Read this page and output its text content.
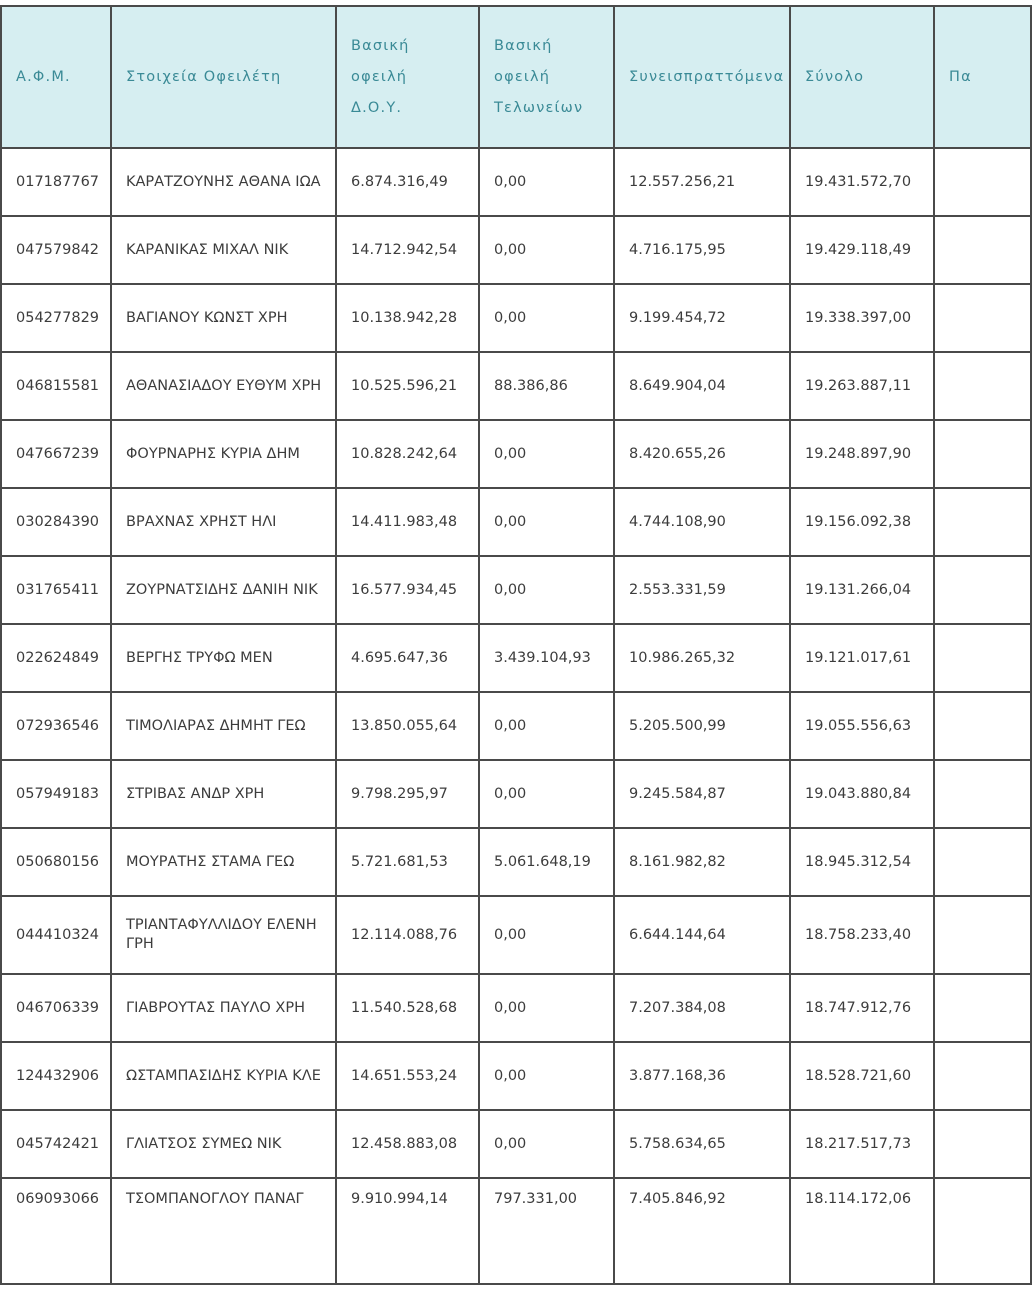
Α.Φ.Μ.	Στοιχεία Οφειλέτη	Βασική
οφειλή
Δ.Ο.Υ.	Βασική
οφειλή
Τελωνείων	Συνεισπραττόμενα	Σύνολο	Πα

017187767	ΚΑΡΑΤΖΟΥΝΗΣ ΑΘΑΝΑ ΙΩΑ	6.874.316,49	0,00	12.557.256,21	19.431.572,70	
047579842	ΚΑΡΑΝΙΚΑΣ ΜΙΧΑΛ ΝΙΚ	14.712.942,54	0,00	4.716.175,95	19.429.118,49	
054277829	ΒΑΓΙΑΝΟΥ ΚΩΝΣΤ ΧΡΗ	10.138.942,28	0,00	9.199.454,72	19.338.397,00	
046815581	ΑΘΑΝΑΣΙΑΔΟΥ ΕΥΘΥΜ ΧΡΗ	10.525.596,21	88.386,86	8.649.904,04	19.263.887,11	
047667239	ΦΟΥΡΝΑΡΗΣ ΚΥΡΙΑ ΔΗΜ	10.828.242,64	0,00	8.420.655,26	19.248.897,90	
030284390	ΒΡΑΧΝΑΣ ΧΡΗΣΤ ΗΛΙ	14.411.983,48	0,00	4.744.108,90	19.156.092,38	
031765411	ΖΟΥΡΝΑΤΣΙΔΗΣ ΔΑΝΙΗ ΝΙΚ	16.577.934,45	0,00	2.553.331,59	19.131.266,04	
022624849	ΒΕΡΓΗΣ ΤΡΥΦΩ ΜΕΝ	4.695.647,36	3.439.104,93	10.986.265,32	19.121.017,61	
072936546	ΤΙΜΟΛΙΑΡΑΣ ΔΗΜΗΤ ΓΕΩ	13.850.055,64	0,00	5.205.500,99	19.055.556,63	
057949183	ΣΤΡΙΒΑΣ ΑΝΔΡ ΧΡΗ	9.798.295,97	0,00	9.245.584,87	19.043.880,84	
050680156	ΜΟΥΡΑΤΗΣ ΣΤΑΜΑ ΓΕΩ	5.721.681,53	5.061.648,19	8.161.982,82	18.945.312,54	
044410324	ΤΡΙΑΝΤΑΦΥΛΛΙΔΟΥ ΕΛΕΝΗ ΓΡΗ	12.114.088,76	0,00	6.644.144,64	18.758.233,40	
046706339	ΓΙΑΒΡΟΥΤΑΣ ΠΑΥΛΟ ΧΡΗ	11.540.528,68	0,00	7.207.384,08	18.747.912,76	
124432906	ΩΣΤΑΜΠΑΣΙΔΗΣ ΚΥΡΙΑ ΚΛΕ	14.651.553,24	0,00	3.877.168,36	18.528.721,60	
045742421	ΓΛΙΑΤΣΟΣ ΣΥΜΕΩ ΝΙΚ	12.458.883,08	0,00	5.758.634,65	18.217.517,73	
069093066	ΤΣΟΜΠΑΝΟΓΛΟΥ ΠΑΝΑΓ	9.910.994,14	797.331,00	7.405.846,92	18.114.172,06	
